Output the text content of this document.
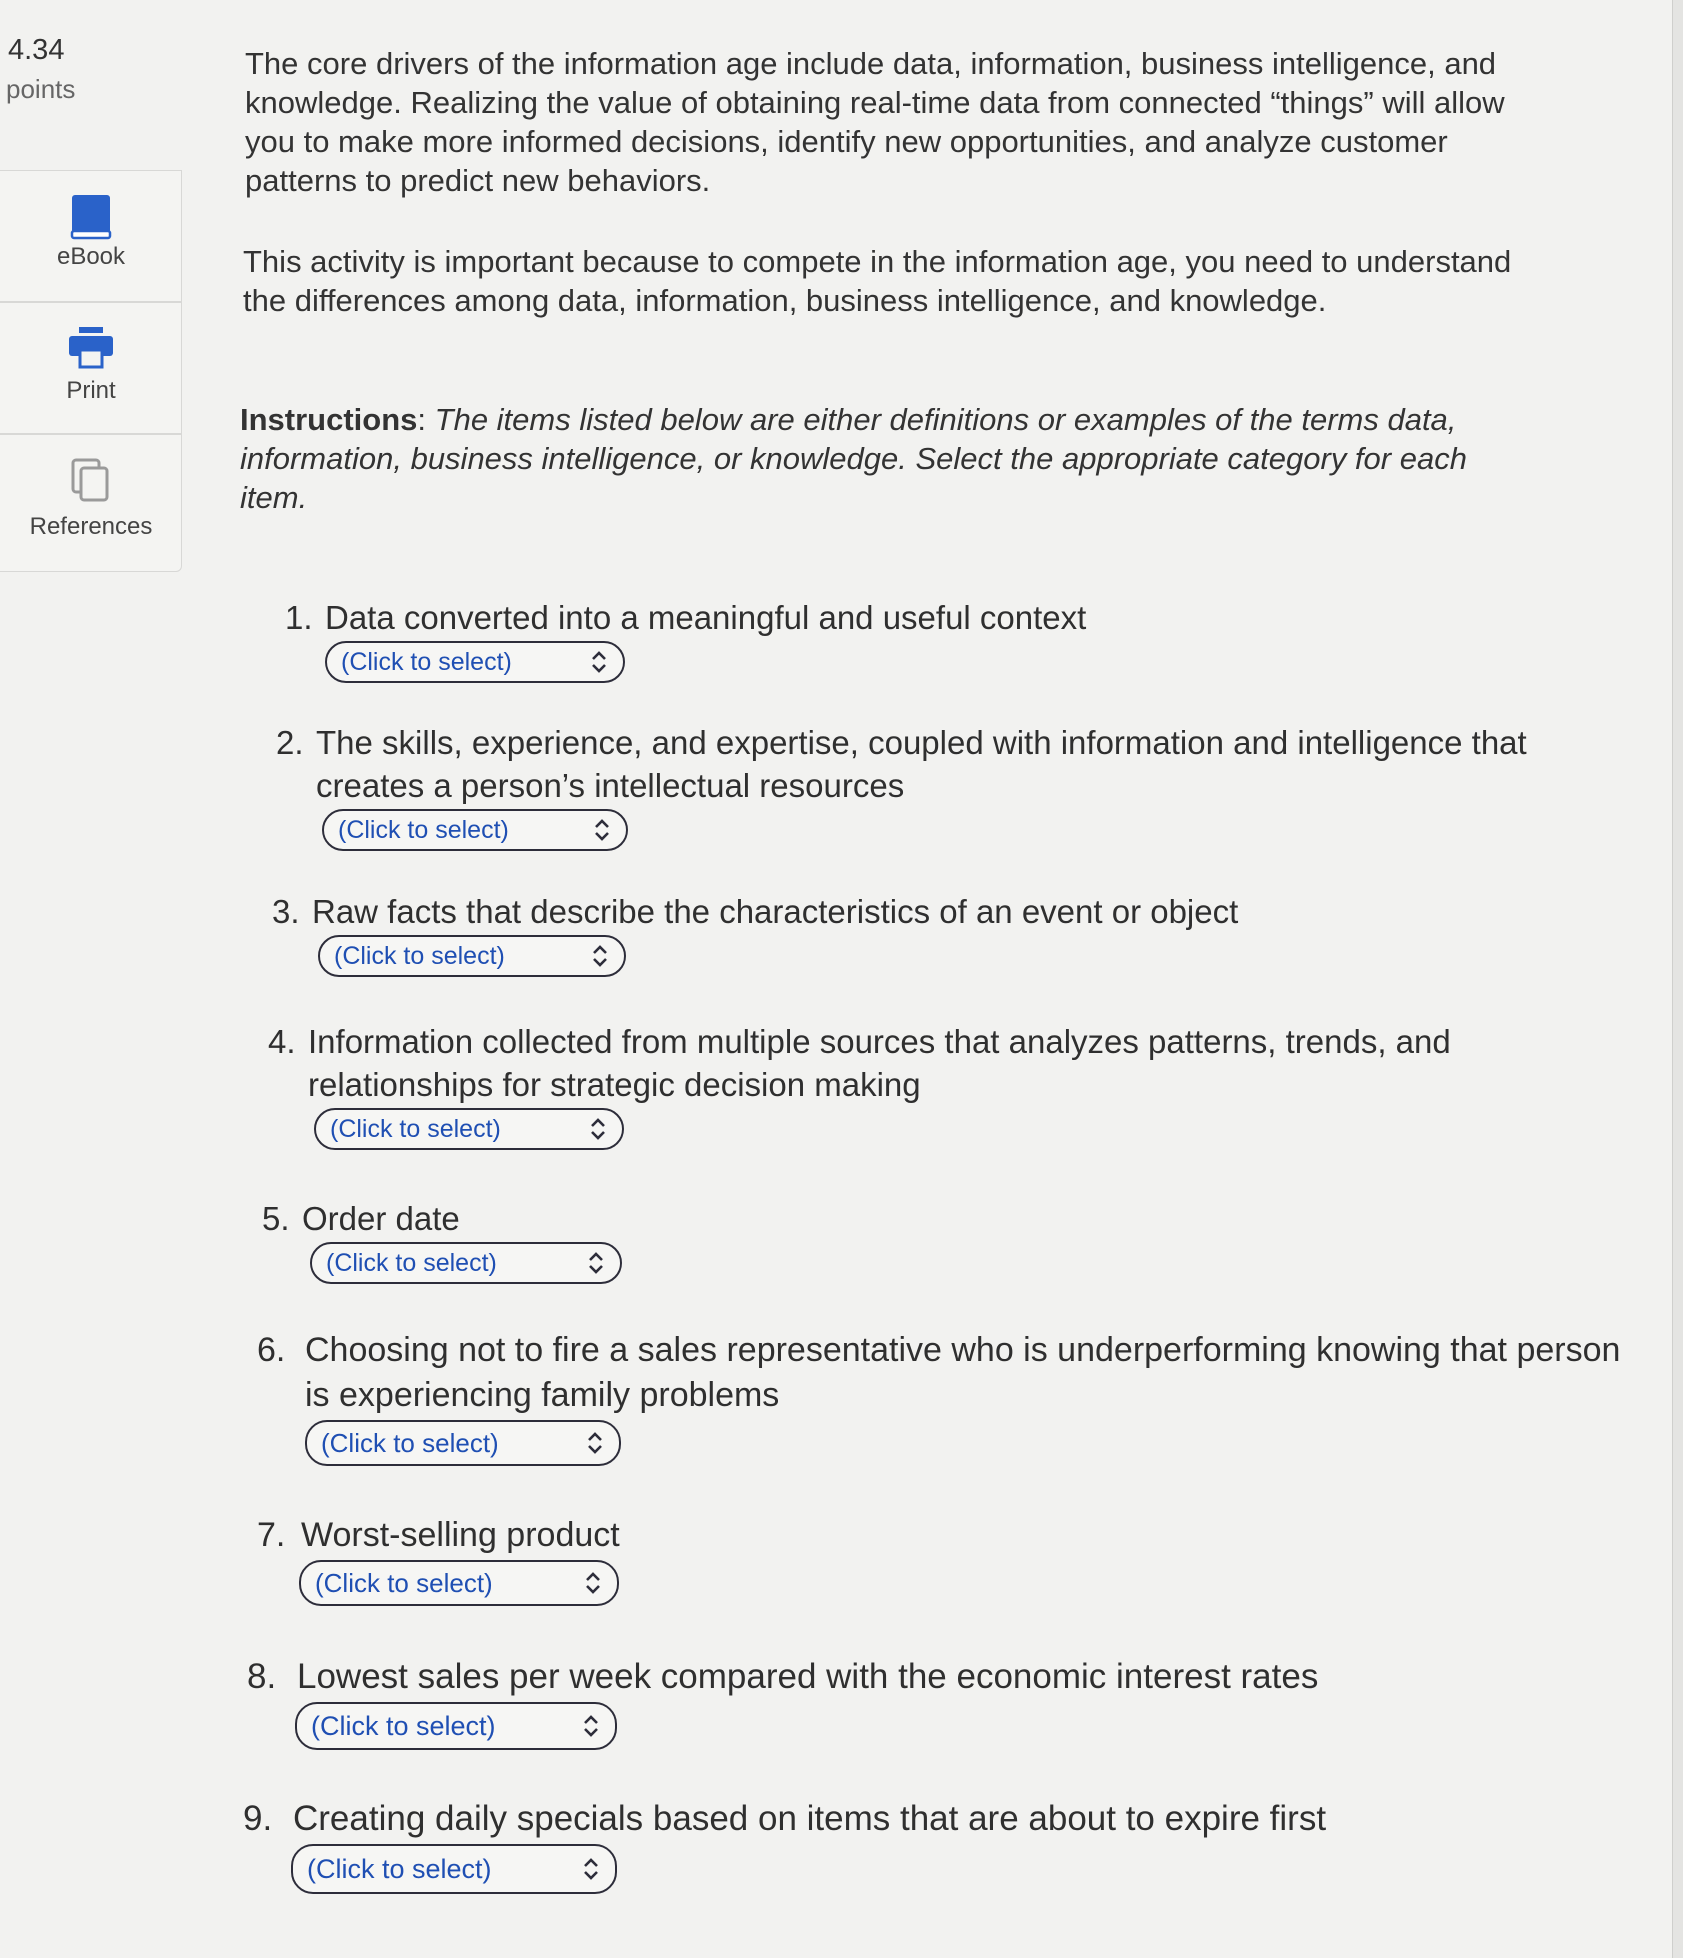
4.34
points
eBook
Print
References

The core drivers of the information age include data, information, business intelligence, and knowledge. Realizing the value of obtaining real-time data from connected “things” will allow you to make more informed decisions, identify new opportunities, and analyze customer patterns to predict new behaviors.

This activity is important because to compete in the information age, you need to understand the differences among data, information, business intelligence, and knowledge.

Instructions: The items listed below are either definitions or examples of the terms data, information, business intelligence, or knowledge. Select the appropriate category for each item.

1. Data converted into a meaningful and useful context
(Click to select)
2. The skills, experience, and expertise, coupled with information and intelligence that creates a person’s intellectual resources
(Click to select)
3. Raw facts that describe the characteristics of an event or object
(Click to select)
4. Information collected from multiple sources that analyzes patterns, trends, and relationships for strategic decision making
(Click to select)
5. Order date
(Click to select)
6. Choosing not to fire a sales representative who is underperforming knowing that person is experiencing family problems
(Click to select)
7. Worst-selling product
(Click to select)
8. Lowest sales per week compared with the economic interest rates
(Click to select)
9. Creating daily specials based on items that are about to expire first
(Click to select)
